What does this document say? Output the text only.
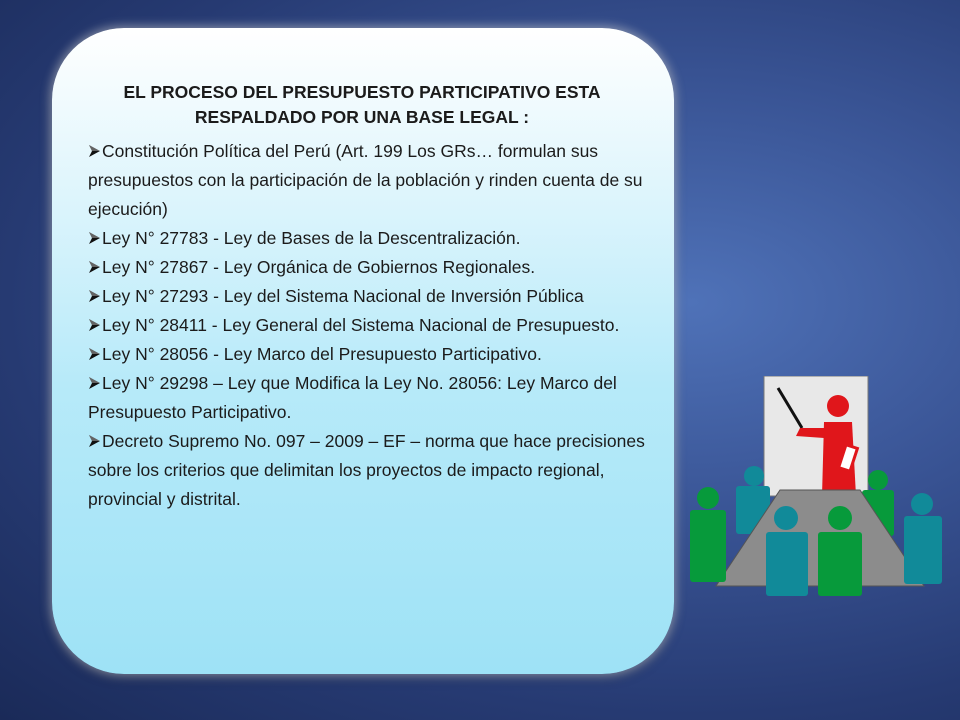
EL PROCESO DEL PRESUPUESTO PARTICIPATIVO ESTA RESPALDADO POR UNA BASE LEGAL :
Constitución Política del Perú (Art. 199 Los GRs… formulan sus presupuestos con la participación de la población y rinden cuenta de su ejecución)
Ley N° 27783 - Ley de Bases de la Descentralización.
Ley N° 27867 - Ley Orgánica de Gobiernos Regionales.
Ley N° 27293 - Ley del Sistema Nacional de Inversión Pública
Ley N° 28411 - Ley General del Sistema Nacional de Presupuesto.
Ley N° 28056 - Ley Marco del Presupuesto Participativo.
Ley N° 29298 – Ley que Modifica la Ley No. 28056: Ley Marco del Presupuesto Participativo.
Decreto Supremo No. 097 – 2009 – EF – norma que hace precisiones sobre los criterios que delimitan los proyectos de impacto regional, provincial y distrital.
